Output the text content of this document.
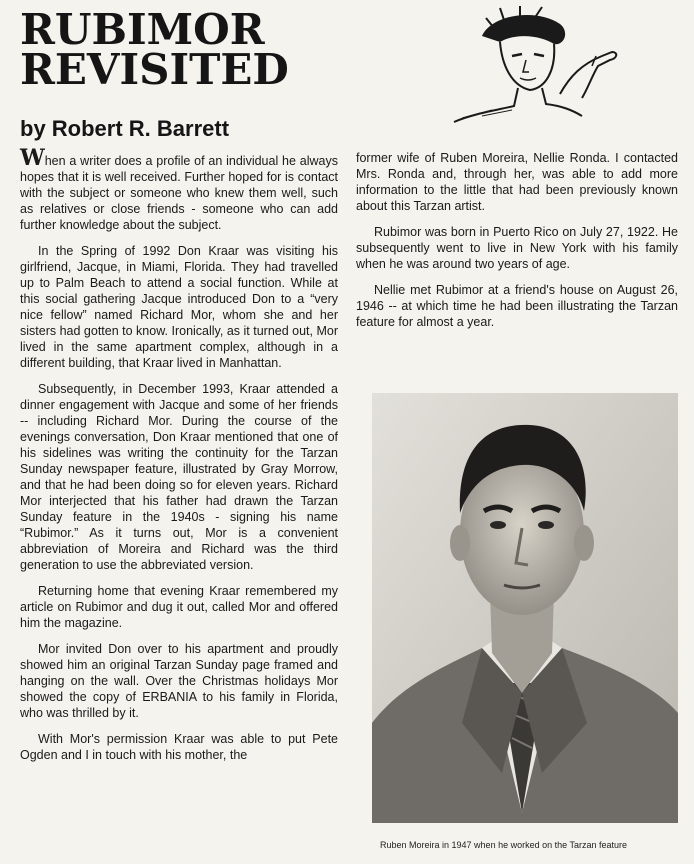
RUBIMOR
REVISITED
by Robert R. Barrett

When a writer does a profile of an individual he always hopes that it is well received. Further hoped for is contact with the subject or someone who knew them well, such as relatives or close friends - someone who can add further knowledge about the subject.

In the Spring of 1992 Don Kraar was visiting his girlfriend, Jacque, in Miami, Florida. They had travelled up to Palm Beach to attend a social function. While at this social gathering Jacque introduced Don to a “very nice fellow” named Richard Mor, whom she and her sisters had gotten to know. Ironically, as it turned out, Mor lived in the same apartment complex, although in a different building, that Kraar lived in Manhattan.

Subsequently, in December 1993, Kraar attended a dinner engagement with Jacque and some of her friends -- including Richard Mor. During the course of the evenings conversation, Don Kraar mentioned that one of his sidelines was writing the continuity for the Tarzan Sunday newspaper feature, illustrated by Gray Morrow, and that he had been doing so for eleven years. Richard Mor interjected that his father had drawn the Tarzan Sunday feature in the 1940s - signing his name “Rubimor.” As it turns out, Mor is a convenient abbreviation of Moreira and Richard was the third generation to use the abbreviated version.

Returning home that evening Kraar remembered my article on Rubimor and dug it out, called Mor and offered him the magazine.

Mor invited Don over to his apartment and proudly showed him an original Tarzan Sunday page framed and hanging on the wall. Over the Christmas holidays Mor showed the copy of ERBANIA to his family in Florida, who was thrilled by it.

With Mor's permission Kraar was able to put Pete Ogden and I in touch with his mother, the

former wife of Ruben Moreira, Nellie Ronda. I contacted Mrs. Ronda and, through her, was able to add more information to the little that had been previously known about this Tarzan artist.

Rubimor was born in Puerto Rico on July 27, 1922. He subsequently went to live in New York with his family when he was around two years of age.

Nellie met Rubimor at a friend's house on August 26, 1946 -- at which time he had been illustrating the Tarzan feature for almost a year.

Ruben Moreira in 1947 when he worked on the Tarzan feature
